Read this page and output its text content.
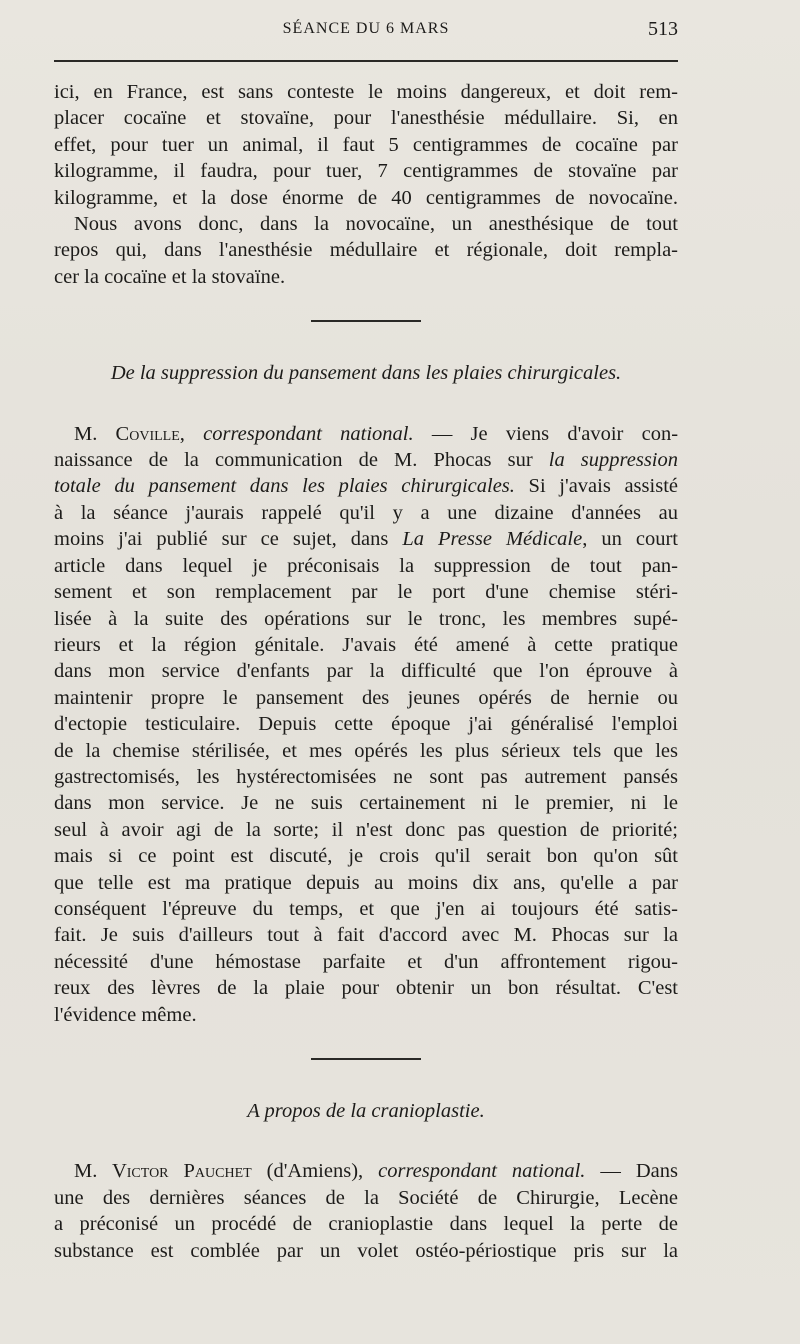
SÉANCE DU 6 MARS	513
ici, en France, est sans conteste le moins dangereux, et doit rem-
placer cocaïne et stovaïne, pour l'anesthésie médullaire. Si, en
effet, pour tuer un animal, il faut 5 centigrammes de cocaïne par
kilogramme, il faudra, pour tuer, 7 centigrammes de stovaïne par
kilogramme, et la dose énorme de 40 centigrammes de novocaïne.
Nous avons donc, dans la novocaïne, un anesthésique de tout
repos qui, dans l'anesthésie médullaire et régionale, doit rempla-
cer la cocaïne et la stovaïne.
De la suppression du pansement dans les plaies chirurgicales.
M. Coville, correspondant national. — Je viens d'avoir con-
naissance de la communication de M. Phocas sur la suppression
totale du pansement dans les plaies chirurgicales. Si j'avais assisté
à la séance j'aurais rappelé qu'il y a une dizaine d'années au
moins j'ai publié sur ce sujet, dans La Presse Médicale, un court
article dans lequel je préconisais la suppression de tout pan-
sement et son remplacement par le port d'une chemise stéri-
lisée à la suite des opérations sur le tronc, les membres supé-
rieurs et la région génitale. J'avais été amené à cette pratique
dans mon service d'enfants par la difficulté que l'on éprouve à
maintenir propre le pansement des jeunes opérés de hernie ou
d'ectopie testiculaire. Depuis cette époque j'ai généralisé l'emploi
de la chemise stérilisée, et mes opérés les plus sérieux tels que les
gastrectomisés, les hystérectomisées ne sont pas autrement pansés
dans mon service. Je ne suis certainement ni le premier, ni le
seul à avoir agi de la sorte; il n'est donc pas question de priorité;
mais si ce point est discuté, je crois qu'il serait bon qu'on sût
que telle est ma pratique depuis au moins dix ans, qu'elle a par
conséquent l'épreuve du temps, et que j'en ai toujours été satis-
fait. Je suis d'ailleurs tout à fait d'accord avec M. Phocas sur la
nécessité d'une hémostase parfaite et d'un affrontement rigou-
reux des lèvres de la plaie pour obtenir un bon résultat. C'est
l'évidence même.
A propos de la cranioplastie.
M. Victor Pauchet (d'Amiens), correspondant national. — Dans
une des dernières séances de la Société de Chirurgie, Lecène
a préconisé un procédé de cranioplastie dans lequel la perte de
substance est comblée par un volet ostéo-périostique pris sur la
